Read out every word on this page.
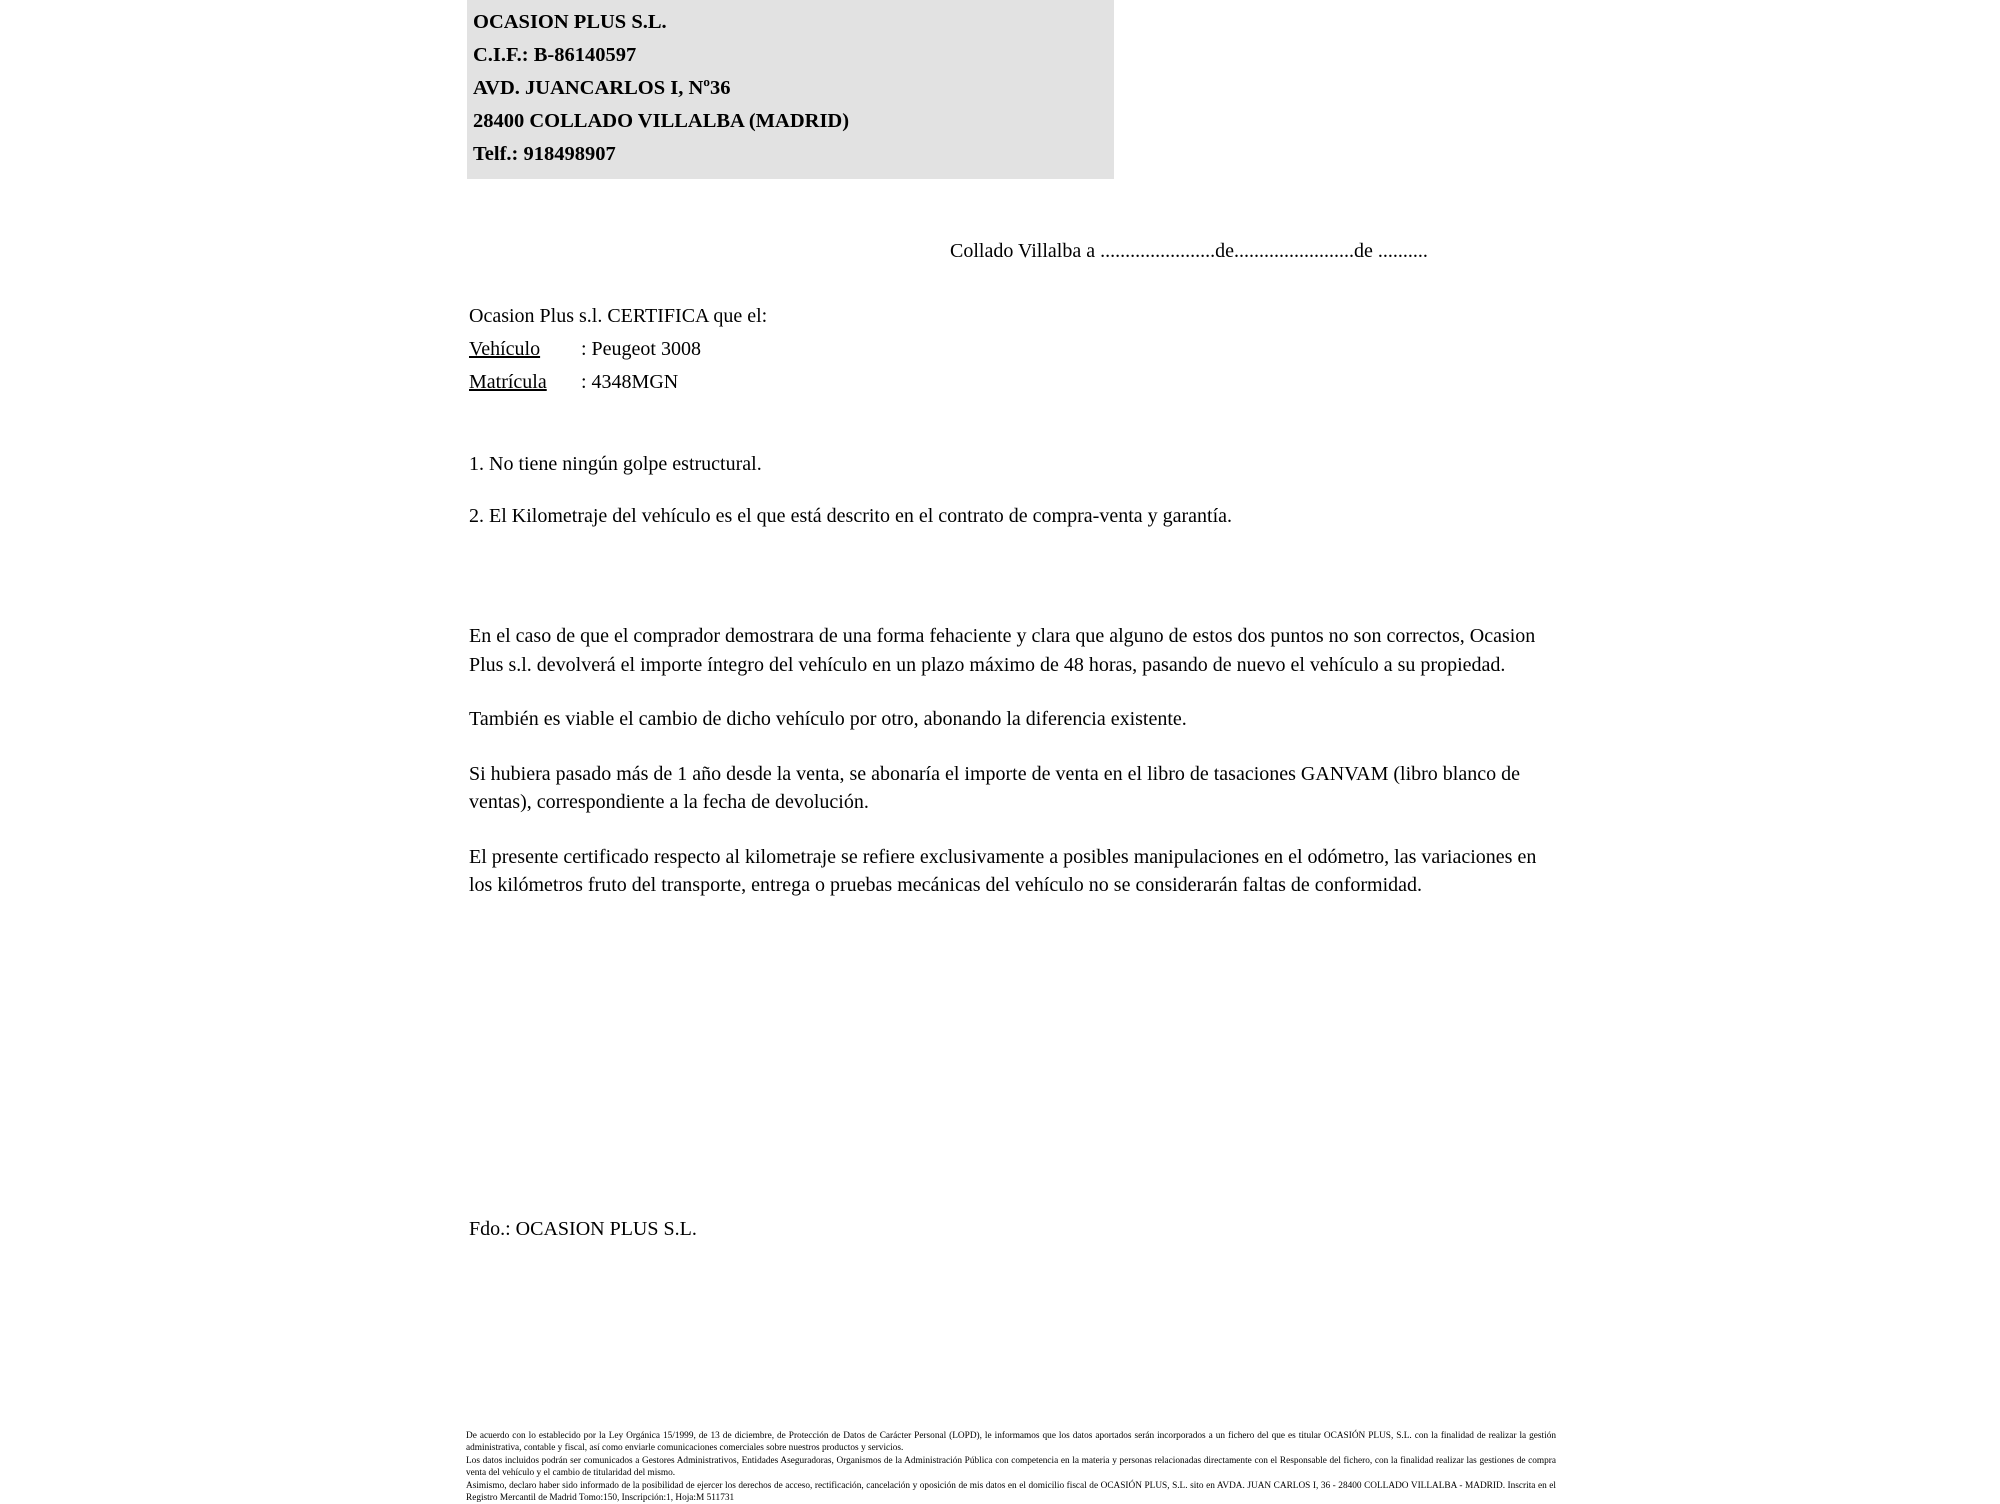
OCASION PLUS S.L.
C.I.F.: B-86140597
AVD. JUANCARLOS I, Nº36
28400 COLLADO VILLALBA (MADRID)
Telf.: 918498907
Collado Villalba a .......................de........................de ..........
Ocasion Plus s.l. CERTIFICA que el:
Vehículo : Peugeot 3008
Matrícula : 4348MGN
1. No tiene ningún golpe estructural.
2. El Kilometraje del vehículo es el que está descrito en el contrato de compra-venta y garantía.

En el caso de que el comprador demostrara de una forma fehaciente y clara que alguno de estos dos puntos no son correctos, Ocasion Plus s.l. devolverá el importe íntegro del vehículo en un plazo máximo de 48 horas, pasando de nuevo el vehículo a su propiedad.

También es viable el cambio de dicho vehículo por otro, abonando la diferencia existente.

Si hubiera pasado más de 1 año desde la venta, se abonaría el importe de venta en el libro de tasaciones GANVAM (libro blanco de ventas), correspondiente a la fecha de devolución.

El presente certificado respecto al kilometraje se refiere exclusivamente a posibles manipulaciones en el odómetro, las variaciones en los kilómetros fruto del transporte, entrega o pruebas mecánicas del vehículo no se considerarán faltas de conformidad.

Fdo.: OCASION PLUS S.L.

De acuerdo con lo establecido por la Ley Orgánica 15/1999, de 13 de diciembre, de Protección de Datos de Carácter Personal (LOPD), le informamos que los datos aportados serán incorporados a un fichero del que es titular OCASIÓN PLUS, S.L. con la finalidad de realizar la gestión administrativa, contable y fiscal, así como enviarle comunicaciones comerciales sobre nuestros productos y servicios.

Los datos incluidos podrán ser comunicados a Gestores Administrativos, Entidades Aseguradoras, Organismos de la Administración Pública con competencia en la materia y personas relacionadas directamente con el Responsable del fichero, con la finalidad realizar las gestiones de compra venta del vehículo y el cambio de titularidad del mismo.

Asimismo, declaro haber sido informado de la posibilidad de ejercer los derechos de acceso, rectificación, cancelación y oposición de mis datos en el domicilio fiscal de OCASIÓN PLUS, S.L. sito en AVDA. JUAN CARLOS I, 36 - 28400 COLLADO VILLALBA - MADRID. Inscrita en el Registro Mercantil de Madrid Tomo:150, Inscripción:1, Hoja:M 511731
